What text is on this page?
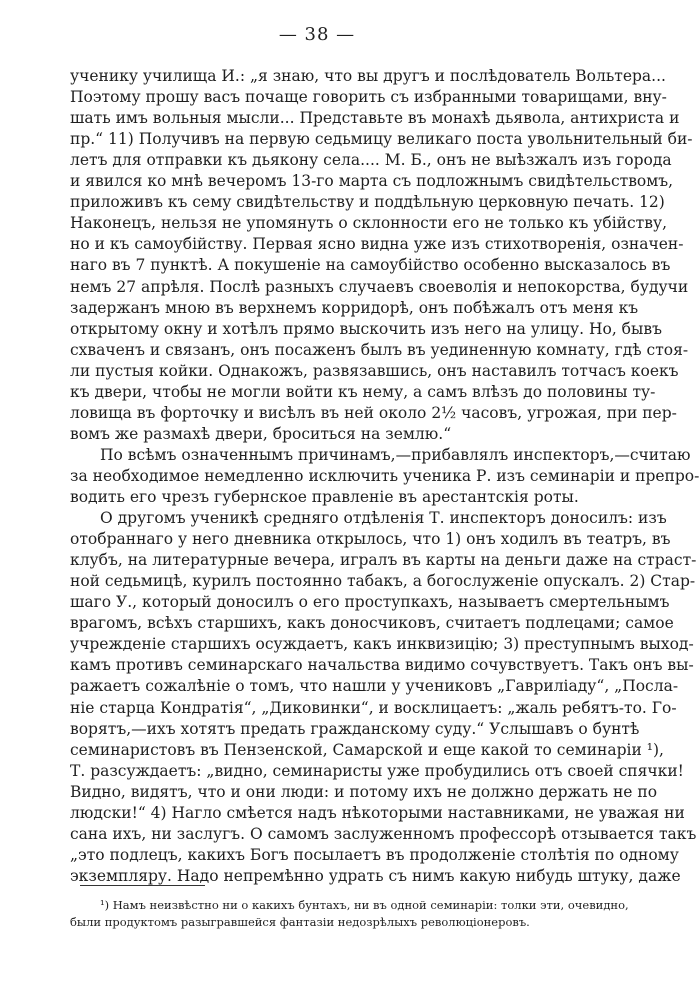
— 38 —
ученику училища И.: „я знаю, что вы другъ и послѣдователь Вольтера...
Поэтому прошу васъ почаще говорить съ избранными товарищами, вну-
шать имъ вольныя мысли... Представьте въ монахѣ дьявола, антихриста и
пр.“ 11) Получивъ на первую седьмицу великаго поста увольнительный би-
летъ для отправки къ дьякону села.... М. Б., онъ не выѣзжалъ изъ города
и явился ко мнѣ вечеромъ 13-го марта съ подложнымъ свидѣтельствомъ,
приложивъ къ сему свидѣтельству и поддѣльную церковную печать. 12)
Наконецъ, нельзя не упомянуть о склонности его не только къ убійству,
но и къ самоубійству. Первая ясно видна уже изъ стихотворенія, означен-
наго въ 7 пунктѣ. А покушеніе на самоубійство особенно высказалось въ
немъ 27 апрѣля. Послѣ разныхъ случаевъ своеволія и непокорства, будучи
задержанъ мною въ верхнемъ корридорѣ, онъ побѣжалъ отъ меня къ
открытому окну и хотѣлъ прямо выскочить изъ него на улицу. Но, бывъ
схваченъ и связанъ, онъ посаженъ былъ въ уединенную комнату, гдѣ стоя-
ли пустыя койки. Однакожъ, развязавшись, онъ наставилъ тотчасъ коекъ
къ двери, чтобы не могли войти къ нему, а самъ влѣзъ до половины ту-
ловища въ форточку и висѣлъ въ ней около 2½ часовъ, угрожая, при пер-
вомъ же размахѣ двери, броситься на землю.“
По всѣмъ означеннымъ причинамъ,—прибавлялъ инспекторъ,—считаю
за необходимое немедленно исключить ученика Р. изъ семинаріи и препро-
водить его чрезъ губернское правленіе въ арестантскія роты.
О другомъ ученикѣ средняго отдѣленія Т. инспекторъ доносилъ: изъ
отобраннаго у него дневника открылось, что 1) онъ ходилъ въ театръ, въ
клубъ, на литературные вечера, игралъ въ карты на деньги даже на страст-
ной седьмицѣ, курилъ постоянно табакъ, а богослуженіе опускалъ. 2) Стар-
шаго У., который доносилъ о его проступкахъ, называетъ смертельнымъ
врагомъ, всѣхъ старшихъ, какъ доносчиковъ, считаетъ подлецами; самое
учрежденіе старшихъ осуждаетъ, какъ инквизицію; 3) преступнымъ выход-
камъ противъ семинарскаго начальства видимо сочувствуетъ. Такъ онъ вы-
ражаетъ сожалѣніе о томъ, что нашли у учениковъ „Гавриліаду“, „Посла-
ніе старца Кондратія“, „Диковинки“, и восклицаетъ: „жаль ребятъ-то. Го-
ворятъ,—ихъ хотятъ предать гражданскому суду.“ Услышавъ о бунтѣ
семинаристовъ въ Пензенской, Самарской и еще какой то семинаріи ¹),
Т. разсуждаетъ: „видно, семинаристы уже пробудились отъ своей спячки!
Видно, видятъ, что и они люди: и потому ихъ не должно держать не по
людски!“ 4) Нагло смѣется надъ нѣкоторыми наставниками, не уважая ни
сана ихъ, ни заслугъ. О самомъ заслуженномъ профессорѣ отзывается такъ
„это подлецъ, какихъ Богъ посылаетъ въ продолженіе столѣтія по одному
экземпляру. Надо непремѣнно удрать съ нимъ какую нибудь штуку, даже
¹) Намъ неизвѣстно ни о какихъ бунтахъ, ни въ одной семинаріи: толки эти, очевидно,
были продуктомъ разыгравшейся фантазіи недозрѣлыхъ революціонеровъ.
